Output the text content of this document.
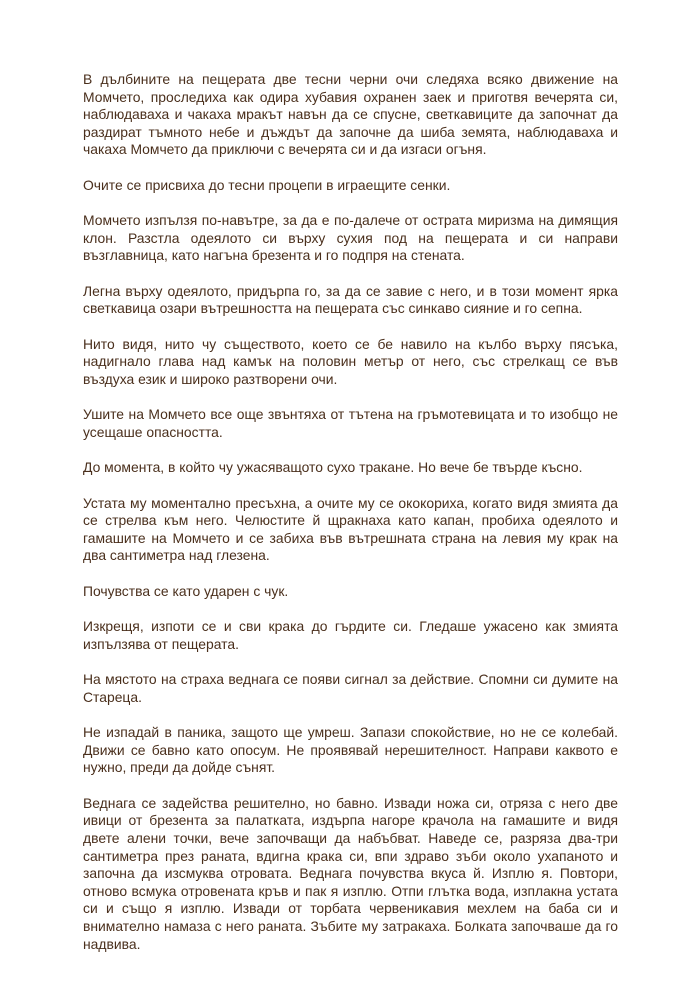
В дълбините на пещерата две тесни черни очи следяха всяко движение на Момчето, проследиха как одира хубавия охранен заек и приготвя вечерята си, наблюдаваха и чакаха мракът навън да се спусне, светкавиците да започнат да раздират тъмното небе и дъждът да започне да шиба земята, наблюдаваха и чакаха Момчето да приключи с вечерята си и да изгаси огъня.

Очите се присвиха до тесни процепи в играещите сенки.

Момчето изпълзя по-навътре, за да е по-далече от острата миризма на димящия клон. Разстла одеялото си върху сухия под на пещерата и си направи възглавница, като нагъна брезента и го подпря на стената.

Легна върху одеялото, придърпа го, за да се завие с него, и в този момент ярка светкавица озари вътрешността на пещерата със синкаво сияние и го сепна.

Нито видя, нито чу съществото, което се бе навило на кълбо върху пясъка, надигнало глава над камък на половин метър от него, със стрелкащ се във въздуха език и широко разтворени очи.

Ушите на Момчето все още звънтяха от тътена на гръмотевицата и то изобщо не усещаше опасността.

До момента, в който чу ужасяващото сухо тракане. Но вече бе твърде късно.

Устата му моментално пресъхна, а очите му се ококориха, когато видя змията да се стрелва към него. Челюстите й щракнаха като капан, пробиха одеялото и гамашите на Момчето и се забиха във вътрешната страна на левия му крак на два сантиметра над глезена.

Почувства се като ударен с чук.

Изкрещя, изпоти се и сви крака до гърдите си. Гледаше ужасено как змията изпълзява от пещерата.

На мястото на страха веднага се появи сигнал за действие. Спомни си думите на Стареца.

Не изпадай в паника, защото ще умреш. Запази спокойствие, но не се колебай. Движи се бавно като опосум. Не проявявай нерешителност. Направи каквото е нужно, преди да дойде сънят.

Веднага се задейства решително, но бавно. Извади ножа си, отряза с него две ивици от брезента за палатката, издърпа нагоре крачола на гамашите и видя двете алени точки, вече започващи да набъбват. Наведе се, разряза два-три сантиметра през раната, вдигна крака си, впи здраво зъби около ухапаното и започна да изсмуква отровата. Веднага почувства вкуса й. Изплю я. Повтори, отново всмука отровената кръв и пак я изплю. Отпи глътка вода, изплакна устата си и също я изплю. Извади от торбата червеникавия мехлем на баба си и внимателно намаза с него раната. Зъбите му затракаха. Болката започваше да го надвива.
